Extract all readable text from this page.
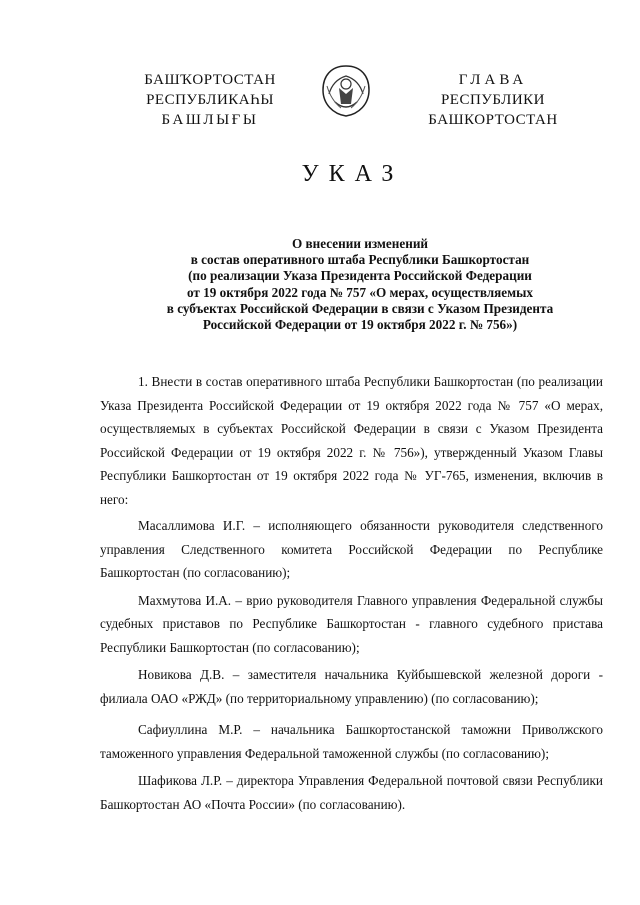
БАШҠОРТОСТАН
РЕСПУБЛИКАҺЫ
БАШЛЫҒЫ
ГЛАВА
РЕСПУБЛИКИ
БАШКОРТОСТАН
УКАЗ
О внесении изменений
в состав оперативного штаба Республики Башкортостан
(по реализации Указа Президента Российской Федерации
от 19 октября 2022 года № 757 «О мерах, осуществляемых
в субъектах Российской Федерации в связи с Указом Президента
Российской Федерации от 19 октября 2022 г. № 756»)

1. Внести в состав оперативного штаба Республики Башкортостан (по реализации Указа Президента Российской Федерации от 19 октября 2022 года № 757 «О мерах, осуществляемых в субъектах Российской Федерации в связи с Указом Президента Российской Федерации от 19 октября 2022 г. № 756»), утвержденный Указом Главы Республики Башкортостан от 19 октября 2022 года № УГ-765, изменения, включив в него:

Масаллимова И.Г. – исполняющего обязанности руководителя следственного управления Следственного комитета Российской Федерации по Республике Башкортостан (по согласованию);

Махмутова И.А. – врио руководителя Главного управления Федеральной службы судебных приставов по Республике Башкортостан - главного судебного пристава Республики Башкортостан (по согласованию);

Новикова Д.В. – заместителя начальника Куйбышевской железной дороги - филиала ОАО «РЖД» (по территориальному управлению) (по согласованию);

Сафиуллина М.Р. – начальника Башкортостанской таможни Приволжского таможенного управления Федеральной таможенной службы (по согласованию);

Шафикова Л.Р. – директора Управления Федеральной почтовой связи Республики Башкортостан АО «Почта России» (по согласованию).
